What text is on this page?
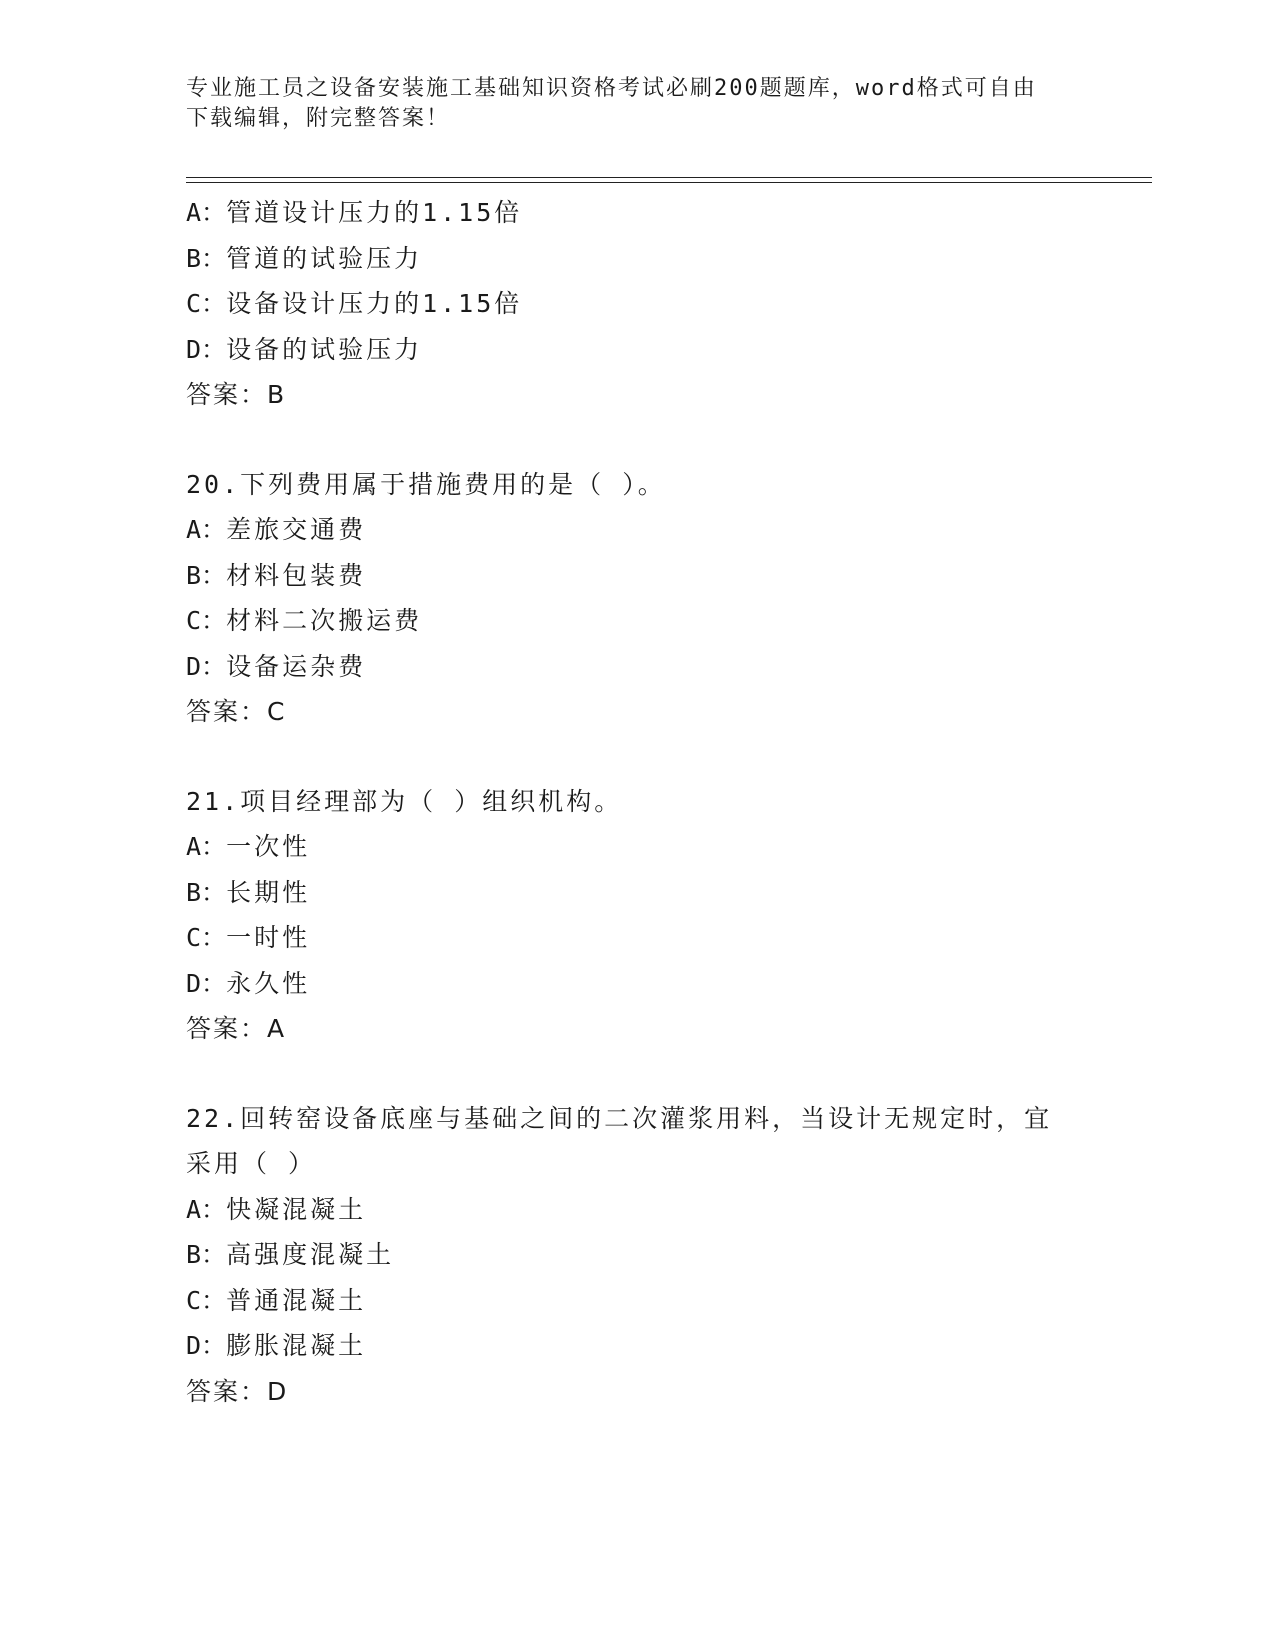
专业施工员之设备安装施工基础知识资格考试必刷200题题库，word格式可自由
下载编辑，附完整答案！
A：管道设计压力的1.15倍
B：管道的试验压力
C：设备设计压力的1.15倍
D：设备的试验压力
答案：B
20.下列费用属于措施费用的是（ ）。
A：差旅交通费
B：材料包装费
C：材料二次搬运费
D：设备运杂费
答案：C
21.项目经理部为（ ）组织机构。
A：一次性
B：长期性
C：一时性
D：永久性
答案：A
22.回转窑设备底座与基础之间的二次灌浆用料，当设计无规定时，宜
采用（ ）
A：快凝混凝土
B：高强度混凝土
C：普通混凝土
D：膨胀混凝土
答案：D
